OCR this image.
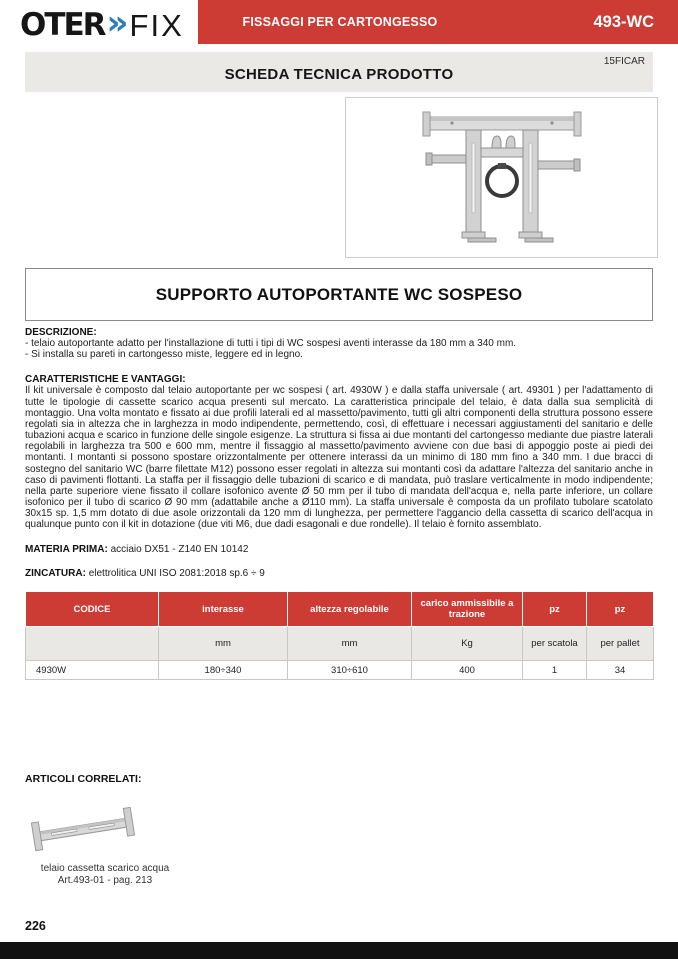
OTER » FIX	FISSAGGI PER CARTONGESSO	493-WC
15FICAR
SCHEDA TECNICA PRODOTTO
SUPPORTO AUTOPORTANTE WC SOSPESO
DESCRIZIONE:
- telaio autoportante adatto per l'installazione di tutti i tipi di WC sospesi aventi interasse da 180 mm a 340 mm.
- Si installa su pareti in cartongesso miste, leggere ed in legno.
CARATTERISTICHE E VANTAGGI:
Il kit universale è composto dal telaio autoportante per wc sospesi ( art. 4930W ) e dalla staffa universale ( art. 49301 ) per l'adattamento di tutte le tipologie di cassette scarico acqua presenti sul mercato. La caratteristica principale del telaio, è data dalla sua semplicità di montaggio. Una volta montato e fissato ai due profili laterali ed al massetto/pavimento, tutti gli altri componenti della struttura possono essere regolati sia in altezza che in larghezza in modo indipendente, permettendo, così, di effettuare i necessari aggiustamenti del sanitario e delle tubazioni acqua e scarico in funzione delle singole esigenze. La struttura si fissa ai due montanti del cartongesso mediante due piastre laterali regolabili in larghezza tra 500 e 600 mm, mentre il fissaggio al massetto/pavimento avviene con due basi di appoggio poste ai piedi dei montanti. I montanti si possono spostare orizzontalmente per ottenere interassi da un minimo di 180 mm fino a 340 mm. I due bracci di sostegno del sanitario WC (barre filettate M12) possono esser regolati in altezza sui montanti così da adattare l'altezza del sanitario anche in caso di pavimenti flottanti. La staffa per il fissaggio delle tubazioni di scarico e di mandata, può traslare verticalmente in modo indipendente; nella parte superiore viene fissato il collare isofonico avente Ø 50 mm per il tubo di mandata dell'acqua e, nella parte inferiore, un collare isofonico per il tubo di scarico Ø 90 mm (adattabile anche a Ø110 mm). La staffa universale è composta da un profilato tubolare scatolato 30x15 sp. 1,5 mm dotato di due asole orizzontali da 120 mm di lunghezza, per permettere l'aggancio della cassetta di scarico dell'acqua in qualunque punto con il kit in dotazione (due viti M6, due dadi esagonali e due rondelle). Il telaio è fornito assemblato.
MATERIA PRIMA: acciaio DX51 - Z140 EN 10142
ZINCATURA: elettrolitica UNI ISO 2081:2018 sp.6 ÷ 9
CODICE	interasse	altezza regolabile	carico ammissibile a trazione	pz	pz
	mm	mm	Kg	per scatola	per pallet
4930W	180÷340	310÷610	400	1	34
ARTICOLI CORRELATI:
telaio cassetta scarico acqua
Art.493-01 - pag. 213
226
